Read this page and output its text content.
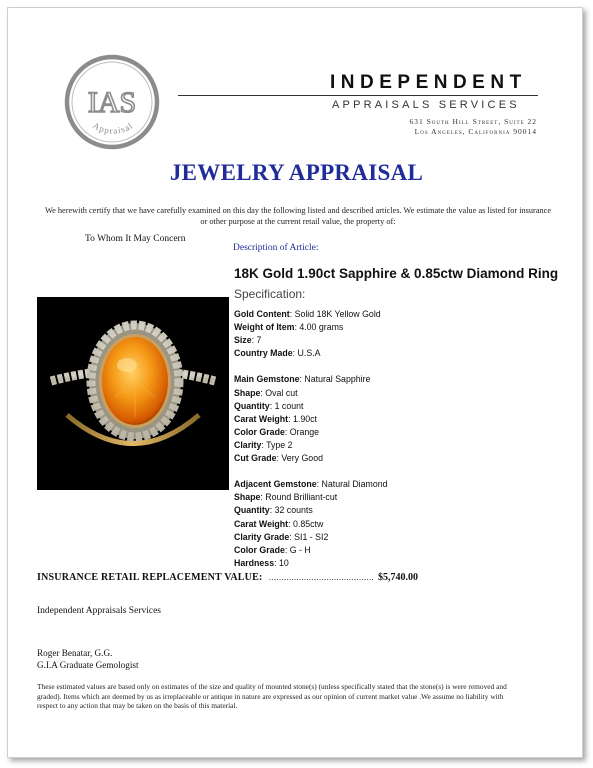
IAS
Appraisal
INDEPENDENT
APPRAISALS SERVICES
631 South Hill Street, Suite 22
Los Angeles, California 90014
JEWELRY APPRAISAL
We herewith certify that we have carefully examined on this day the following listed and described articles. We estimate the value as listed for insurance or other purpose at the current retail value, the property of:
To Whom It May Concern
Description of Article:
18K Gold 1.90ct Sapphire & 0.85ctw Diamond Ring
Specification:
Gold Content: Solid 18K Yellow Gold
Weight of Item: 4.00 grams
Size: 7
Country Made: U.S.A
Main Gemstone: Natural Sapphire
Shape: Oval cut
Quantity: 1 count
Carat Weight: 1.90ct
Color Grade: Orange
Clarity: Type 2
Cut Grade: Very Good
Adjacent Gemstone: Natural Diamond
Shape: Round Brilliant-cut
Quantity: 32 counts
Carat Weight: 0.85ctw
Clarity Grade: SI1 - SI2
Color Grade: G - H
Hardness: 10
INSURANCE RETAIL REPLACEMENT VALUE: .......................................... $5,740.00
Independent Appraisals Services
Roger Benatar, G.G.
G.I.A Graduate Gemologist
These estimated values are based only on estimates of the size and quality of mounted stone(s) (unless specifically stated that the stone(s) is were removed and graded). Items which are deemed by us as irreplaceable or antique in nature are expressed as our opinion of current market value .We assume no liability with respect to any action that may be taken on the basis of this material.
